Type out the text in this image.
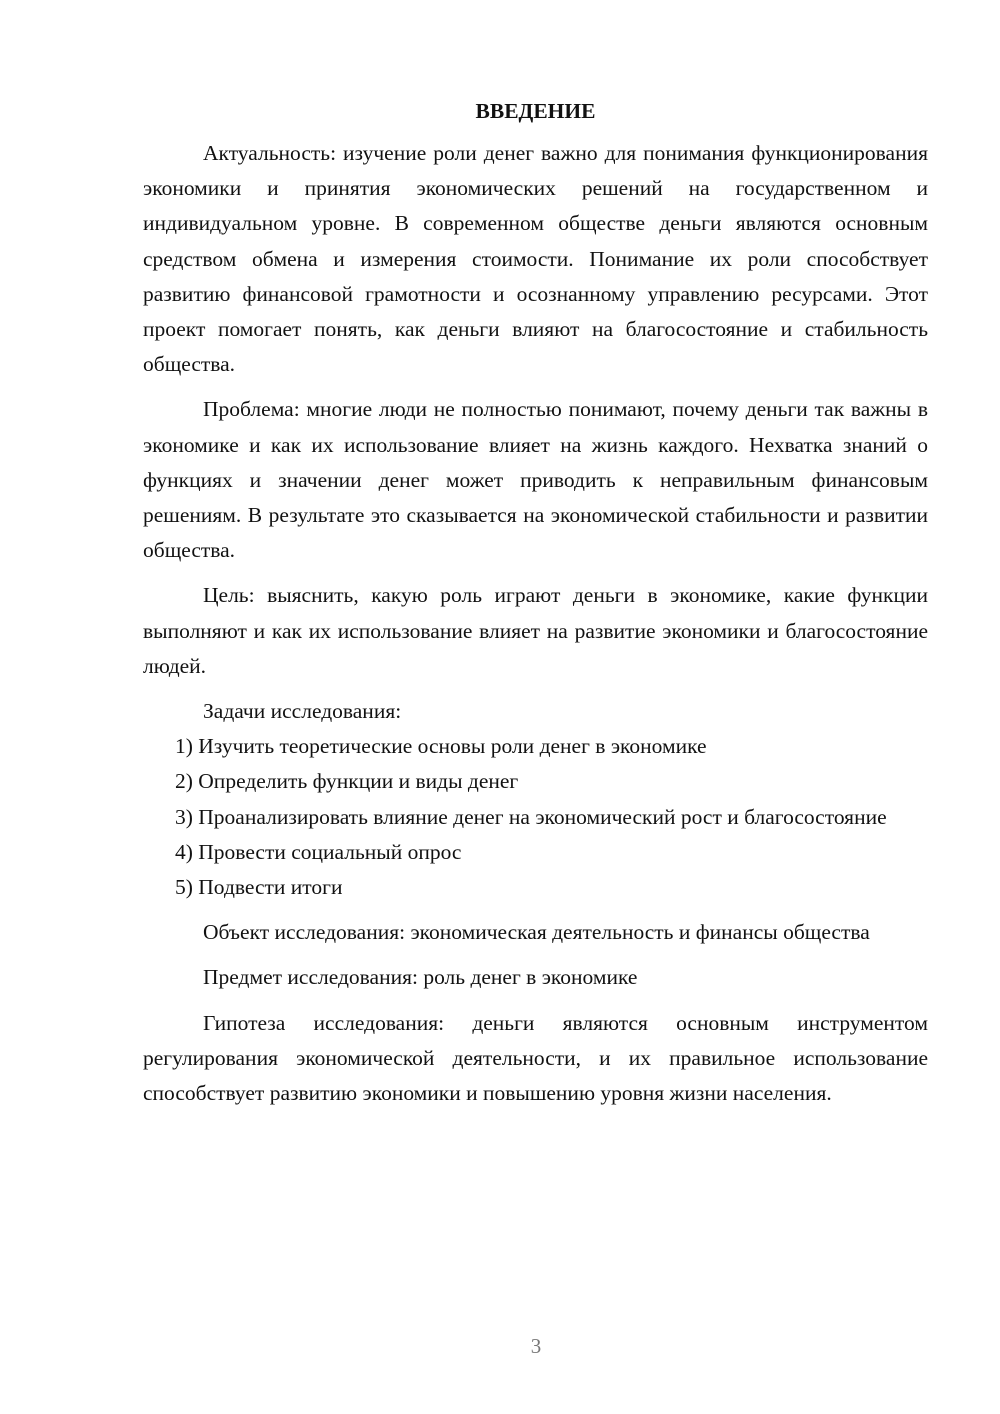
ВВЕДЕНИЕ

Актуальность: изучение роли денег важно для понимания функционирования экономики и принятия экономических решений на государственном и индивидуальном уровне. В современном обществе деньги являются основным средством обмена и измерения стоимости. Понимание их роли способствует развитию финансовой грамотности и осознанному управлению ресурсами. Этот проект помогает понять, как деньги влияют на благосостояние и стабильность общества.

Проблема: многие люди не полностью понимают, почему деньги так важны в экономике и как их использование влияет на жизнь каждого. Нехватка знаний о функциях и значении денег может приводить к неправильным финансовым решениям. В результате это сказывается на экономической стабильности и развитии общества.

Цель: выяснить, какую роль играют деньги в экономике, какие функции выполняют и как их использование влияет на развитие экономики и благосостояние людей.

Задачи исследования:

1) Изучить теоретические основы роли денег в экономике

2) Определить функции и виды денег

3) Проанализировать влияние денег на экономический рост и благосостояние

4) Провести социальный опрос

5) Подвести итоги

Объект исследования: экономическая деятельность и финансы общества

Предмет исследования: роль денег в экономике

Гипотеза исследования: деньги являются основным инструментом регулирования экономической деятельности, и их правильное использование способствует развитию экономики и повышению уровня жизни населения.

3
